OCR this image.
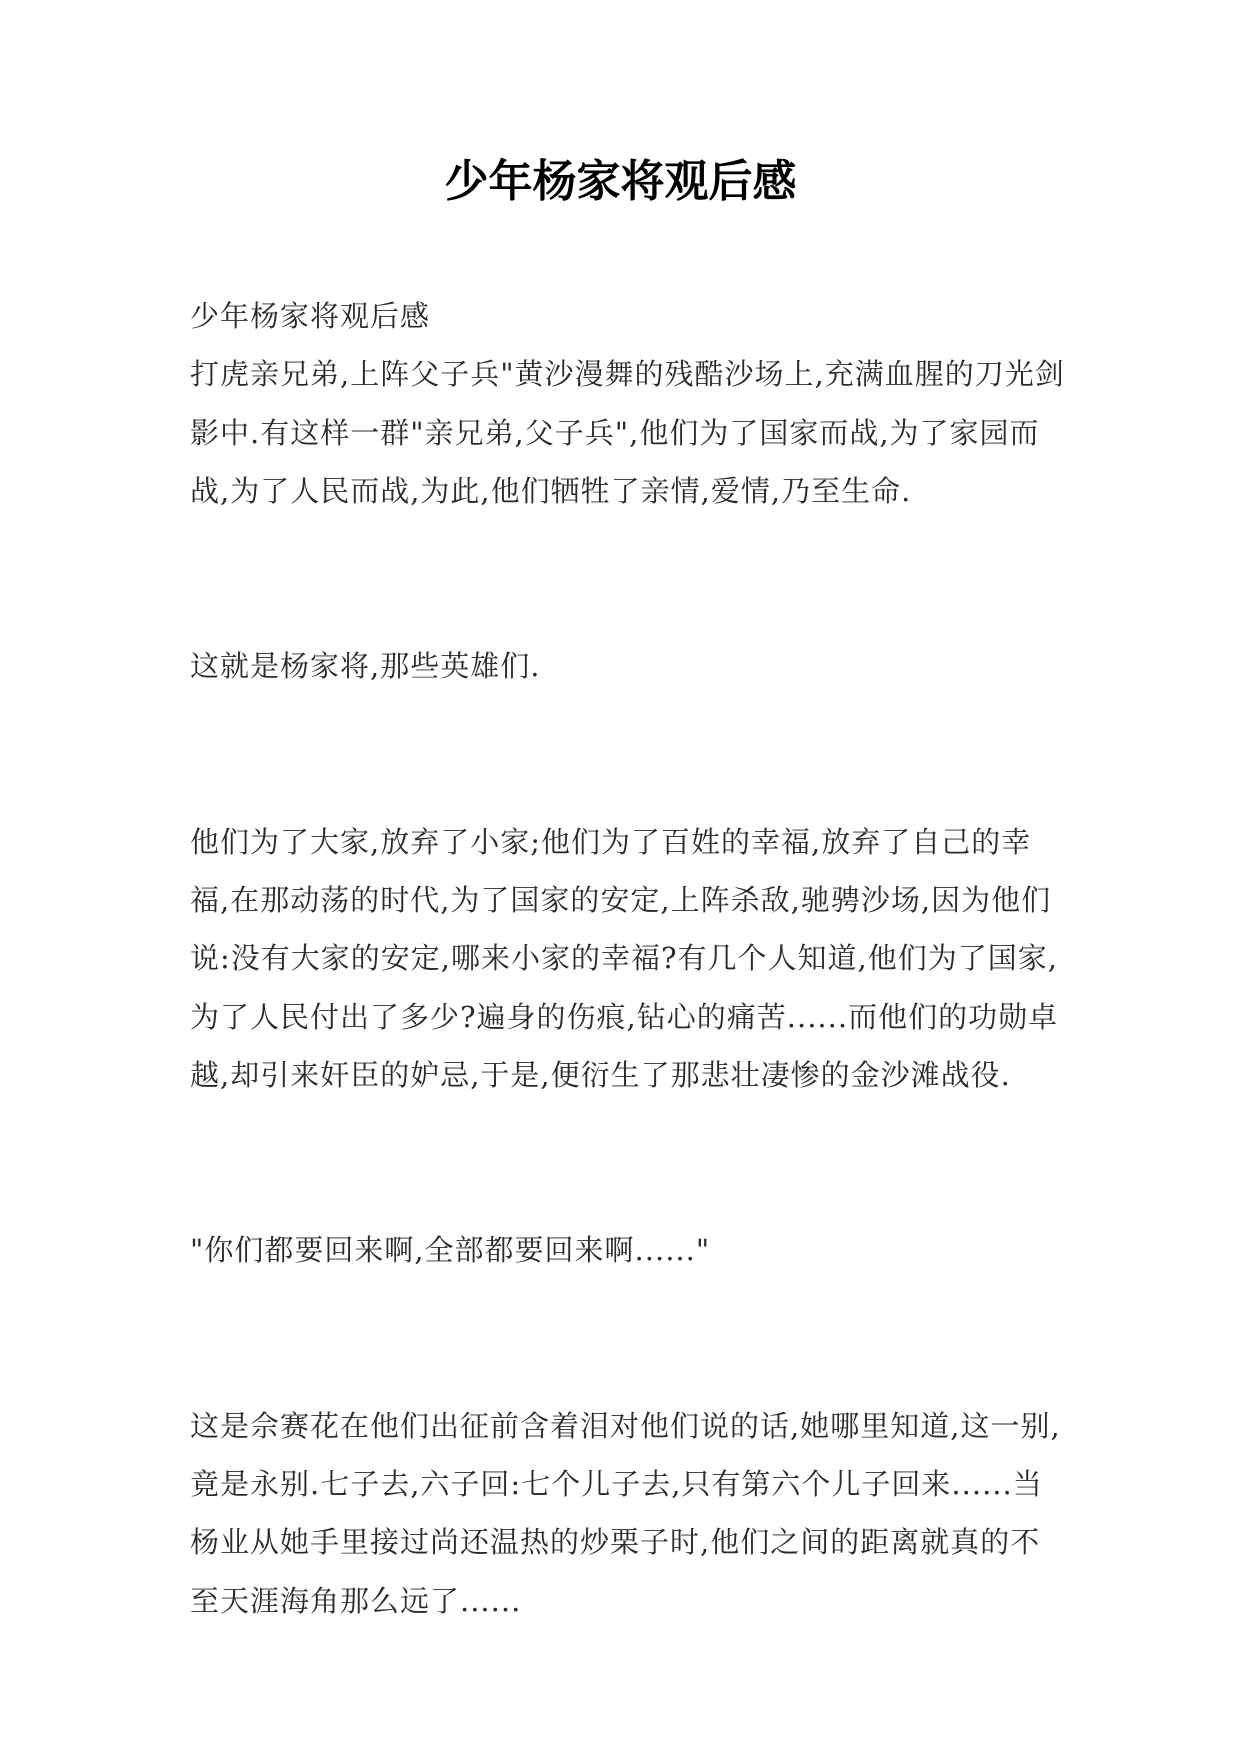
少年杨家将观后感

少年杨家将观后感

打虎亲兄弟,上阵父子兵"黄沙漫舞的残酷沙场上,充满血腥的刀光剑影中.有这样一群"亲兄弟,父子兵",他们为了国家而战,为了家园而战,为了人民而战,为此,他们牺牲了亲情,爱情,乃至生命.

这就是杨家将,那些英雄们.

他们为了大家,放弃了小家;他们为了百姓的幸福,放弃了自己的幸福,在那动荡的时代,为了国家的安定,上阵杀敌,驰骋沙场,因为他们说:没有大家的安定,哪来小家的幸福?有几个人知道,他们为了国家,为了人民付出了多少?遍身的伤痕,钻心的痛苦......而他们的功勋卓越,却引来奸臣的妒忌,于是,便衍生了那悲壮凄惨的金沙滩战役.

"你们都要回来啊,全部都要回来啊......"

这是佘赛花在他们出征前含着泪对他们说的话,她哪里知道,这一别,竟是永别.七子去,六子回:七个儿子去,只有第六个儿子回来......当杨业从她手里接过尚还温热的炒栗子时,他们之间的距离就真的不至天涯海角那么远了......
